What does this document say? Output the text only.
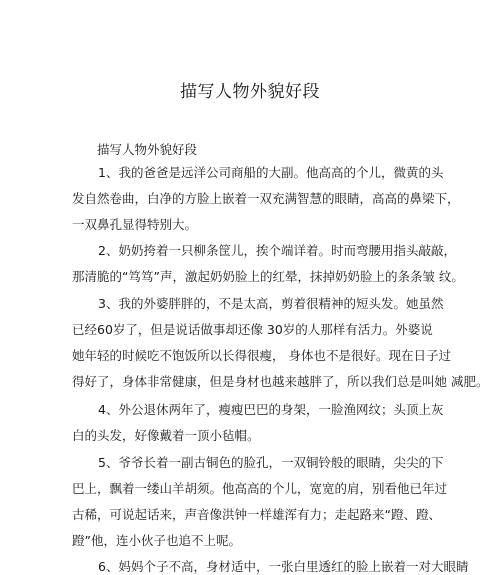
描写人物外貌好段
描写人物外貌好段
1、我的爸爸是远洋公司商船的大副。他高高的个儿，微黄的头
发自然卷曲，白净的方脸上嵌着一双充满智慧的眼睛，高高的鼻梁下，
一双鼻孔显得特别大。
2、奶奶挎着一只柳条筐儿，挨个端详着。时而弯腰用指头敲敲，
那清脆的“笃笃”声，激起奶奶脸上的红晕，抹掉奶奶脸上的条条皱 纹。
3、我的外婆胖胖的，不是太高，剪着很精神的短头发。她虽然
已经60岁了，但是说话做事却还像 30岁的人那样有活力。外婆说
她年轻的时候吃不饱饭所以长得很瘦， 身体也不是很好。现在日子过
得好了，身体非常健康，但是身材也越来越胖了，所以我们总是叫她 减肥。
4、外公退休两年了，瘦瘦巴巴的身架，一脸渔网纹；头顶上灰
白的头发，好像戴着一顶小毡帽。
5、爷爷长着一副古铜色的脸孔，一双铜铃般的眼睛，尖尖的下
巴上，飘着一缕山羊胡须。他高高的个儿，宽宽的肩，别看他已年过
古稀，可说起话来，声音像洪钟一样雄浑有力；走起路来“蹬、蹬、
蹬”他，连小伙子也追不上呢。
6、妈妈个子不高，身材适中，一张白里透红的脸上嵌着一对大眼睛
